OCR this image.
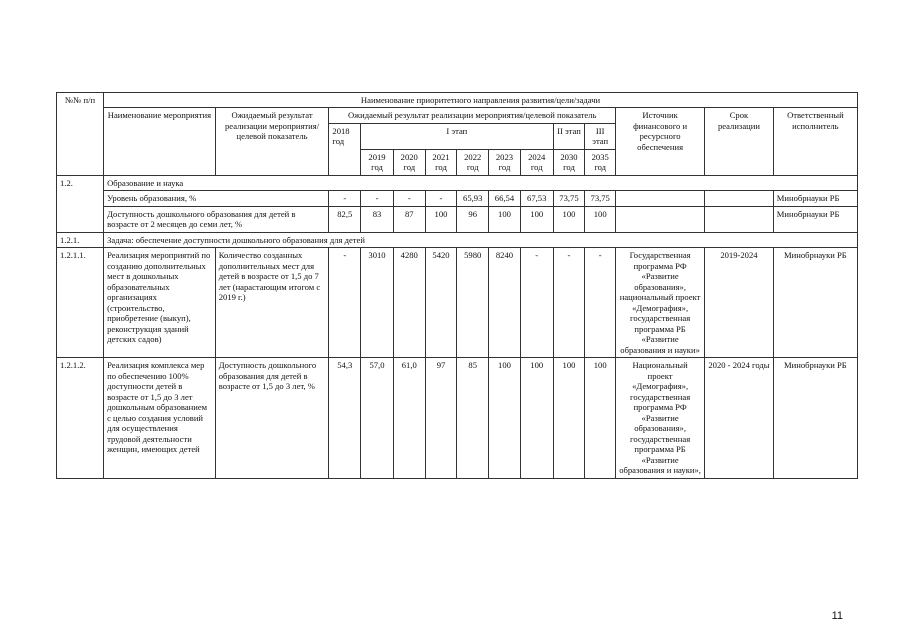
№№ п/п	Наименование приоритетного направления развития/цели/задачи													
	Наименование мероприятия	Ожидаемый результат реализации мероприятия/целевой показатель	Ожидаемый результат реализации мероприятия/целевой показатель									Источник финансового и ресурсного обеспечения	Срок реализации	Ответственный исполнитель
			2018 год	I этап						II этап	III этап			
				2019 год	2020 год	2021 год	2022 год	2023 год	2024 год	2030 год	2035 год			
1.2.	Образование и наука													
	Уровень образования, %		-	-	-	-	65,93	66,54	67,53	73,75	73,75			Минобрнауки РБ
	Доступность дошкольного образования для детей в возрасте от 2 месяцев до семи лет, %		82,5	83	87	100	96	100	100	100	100			Минобрнауки РБ
1.2.1.	Задача: обеспечение доступности дошкольного образования для детей													
1.2.1.1.	Реализация мероприятий по созданию дополнительных мест в дошкольных образовательных организациях (строительство, приобретение (выкуп), реконструкция зданий детских садов)	Количество созданных дополнительных мест для детей в возрасте от 1,5 до 7 лет (нарастающим итогом с 2019 г.)	-	3010	4280	5420	5980	8240	-	-	-	Государственная программа РФ «Развитие образования», национальный проект «Демография», государственная программа РБ «Развитие образования и науки»	2019-2024	Минобрнауки РБ
1.2.1.2.	Реализация комплекса мер по обеспечению 100% доступности детей в возрасте от 1,5 до 3 лет дошкольным образованием с целью создания условий для осуществления трудовой деятельности женщин, имеющих детей	Доступность дошкольного образования для детей в возрасте от 1,5 до 3 лет, %	54,3	57,0	61,0	97	85	100	100	100	100	Национальный проект «Демография», государственная программа РФ «Развитие образования», государственная программа РБ «Развитие образования и науки»,	2020 - 2024 годы	Минобрнауки РБ
11
